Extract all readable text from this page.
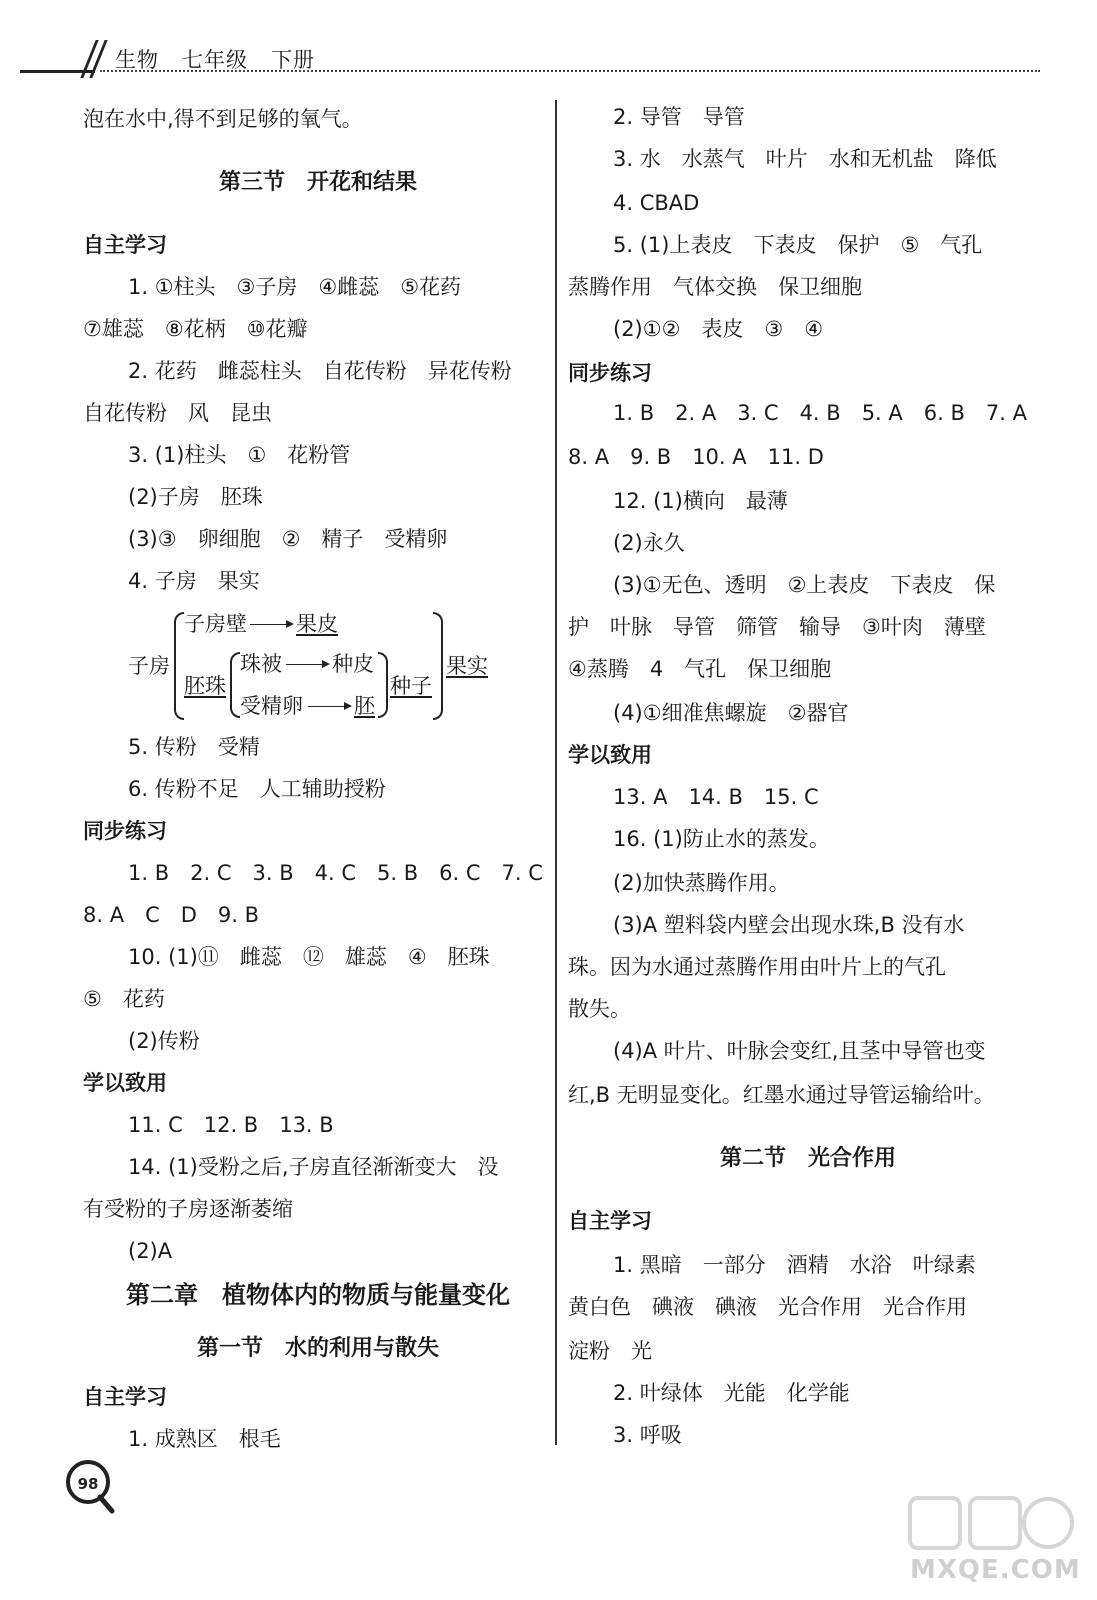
生物 七年级 下册
泡在水中,得不到足够的氧气。
第三节　开花和结果
自主学习
1. ①柱头　③子房　④雌蕊　⑤花药
⑦雄蕊　⑧花柄　⑩花瓣
2. 花药　雌蕊柱头　自花传粉　异花传粉
自花传粉　风　昆虫
3. (1)柱头　①　花粉管
(2)子房　胚珠
(3)③　卵细胞　②　精子　受精卵
4. 子房　果实
子房
子房壁 果皮
胚珠
珠被 种皮
受精卵 胚
种子
果实
5. 传粉　受精
6. 传粉不足　人工辅助授粉
同步练习
1. B　2. C　3. B　4. C　5. B　6. C　7. C
8. A　C　D　9. B
10. (1)⑪　雌蕊　⑫　雄蕊　④　胚珠
⑤　花药
(2)传粉
学以致用
11. C　12. B　13. B
14. (1)受粉之后,子房直径渐渐变大　没
有受粉的子房逐渐萎缩
(2)A
第二章　植物体内的物质与能量变化
第一节　水的利用与散失
自主学习
1. 成熟区　根毛
2. 导管　导管
3. 水　水蒸气　叶片　水和无机盐　降低
4. CBAD
5. (1)上表皮　下表皮　保护　⑤　气孔
蒸腾作用　气体交换　保卫细胞
(2)①②　表皮　③　④
同步练习
1. B　2. A　3. C　4. B　5. A　6. B　7. A
8. A　9. B　10. A　11. D
12. (1)横向　最薄
(2)永久
(3)①无色、透明　②上表皮　下表皮　保
护　叶脉　导管　筛管　输导　③叶肉　薄壁
④蒸腾　4　气孔　保卫细胞
(4)①细准焦螺旋　②器官
学以致用
13. A　14. B　15. C
16. (1)防止水的蒸发。
(2)加快蒸腾作用。
(3)A 塑料袋内壁会出现水珠,B 没有水
珠。因为水通过蒸腾作用由叶片上的气孔
散失。
(4)A 叶片、叶脉会变红,且茎中导管也变
红,B 无明显变化。红墨水通过导管运输给叶。
第二节　光合作用
自主学习
1. 黑暗　一部分　酒精　水浴　叶绿素
黄白色　碘液　碘液　光合作用　光合作用
淀粉　光
2. 叶绿体　光能　化学能
3. 呼吸
98
MXQE.COM
